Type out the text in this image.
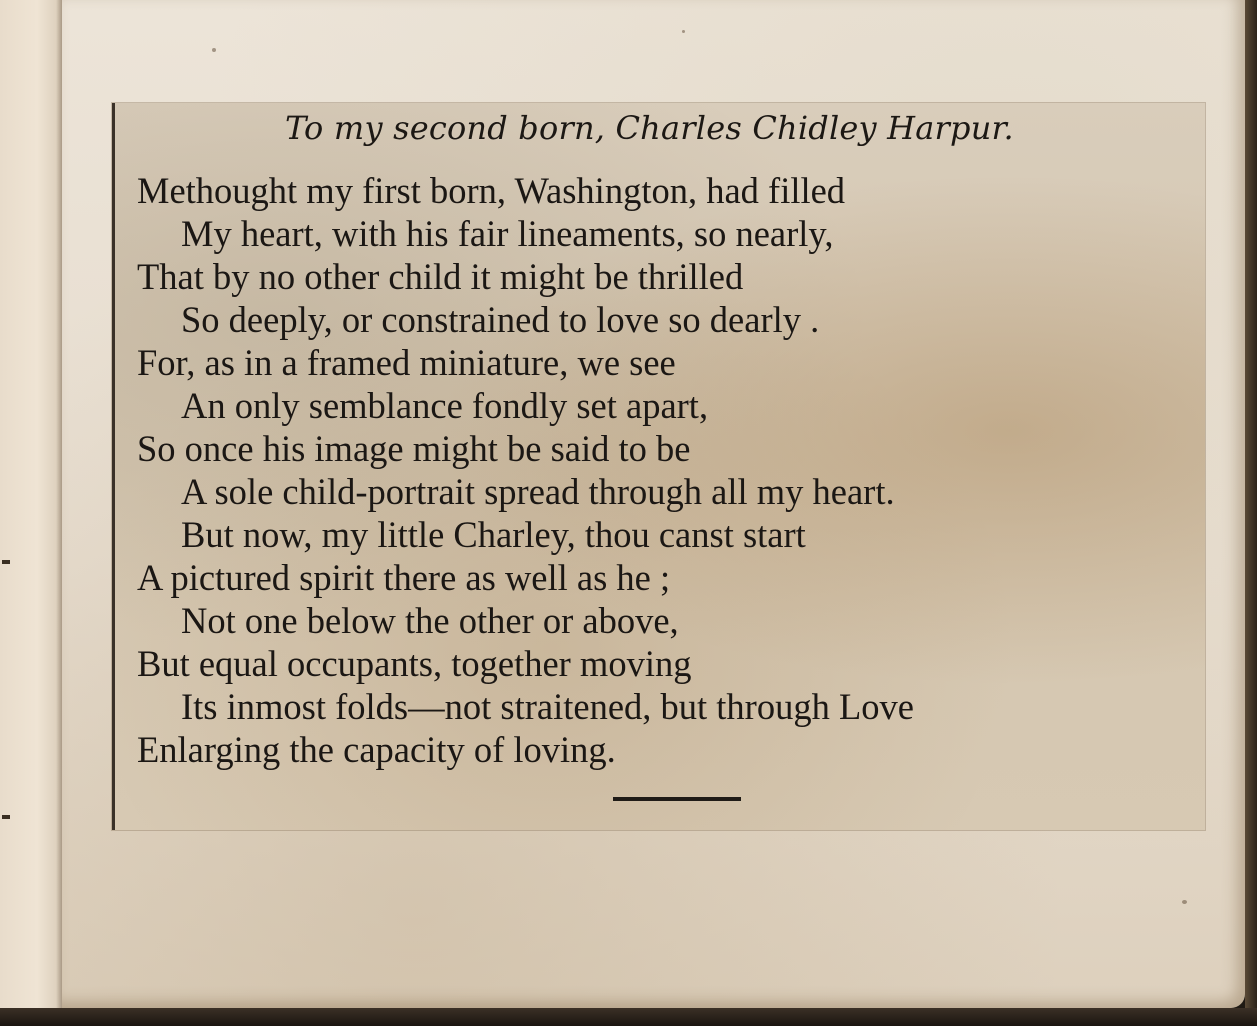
To my second born, Charles Chidley Harpur.
Methought my first born, Washington, had filled
My heart, with his fair lineaments, so nearly,
That by no other child it might be thrilled
So deeply, or constrained to love so dearly .
For, as in a framed miniature, we see
An only semblance fondly set apart,
So once his image might be said to be
A sole child-portrait spread through all my heart.
But now, my little Charley, thou canst start
A pictured spirit there as well as he ;
Not one below the other or above,
But equal occupants, together moving
Its inmost folds—not straitened, but through Love
Enlarging the capacity of loving.
